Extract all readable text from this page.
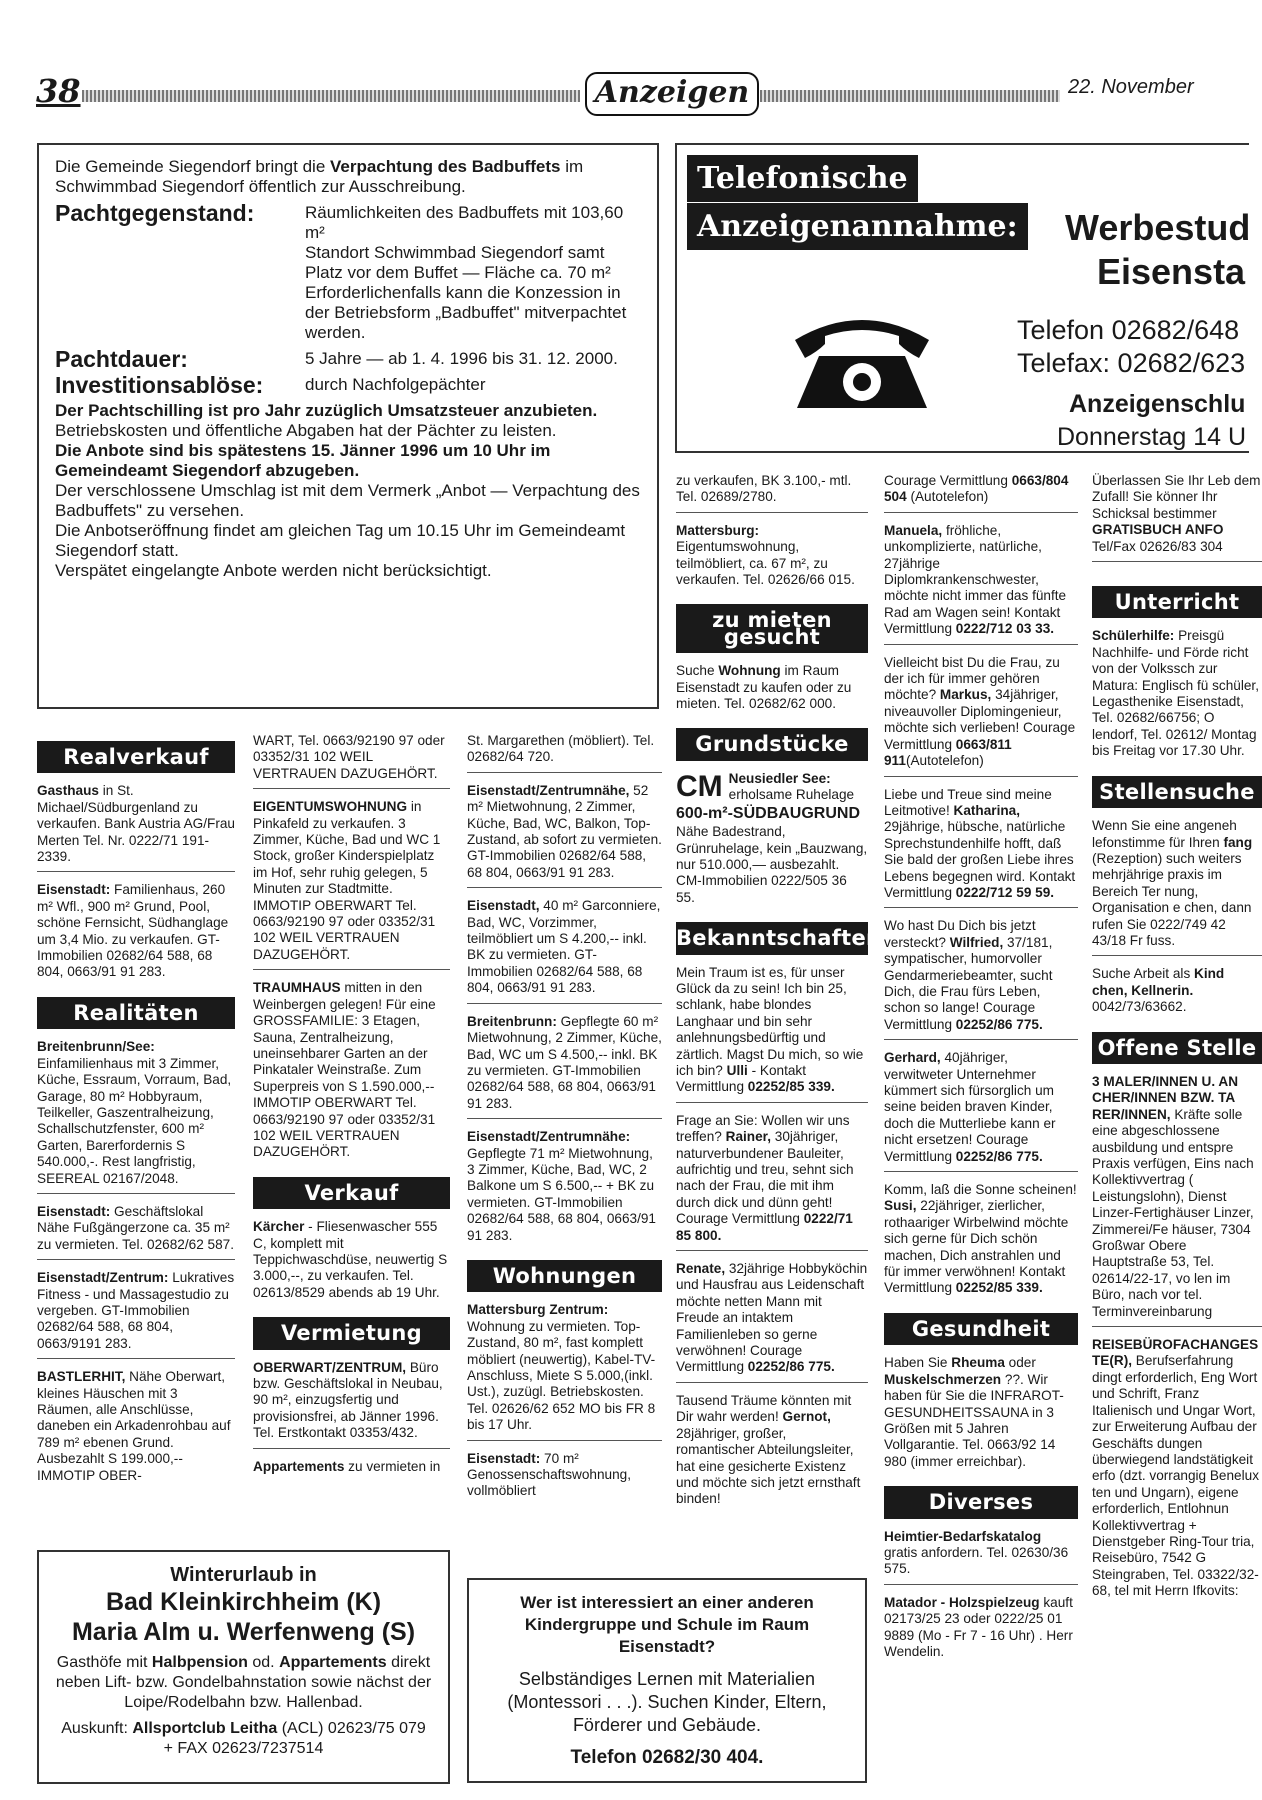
38	Anzeigen	22. November
Die Gemeinde Siegendorf bringt die Verpachtung des Badbuffets im Schwimmbad Siegendorf öffentlich zur Ausschreibung.
Pachtgegenstand:	Räumlichkeiten des Badbuffets mit 103,60 m²
Standort Schwimmbad Siegendorf samt Platz vor dem Buffet — Fläche ca. 70 m²
Erforderlichenfalls kann die Konzession in der Betriebsform „Badbuffet" mitverpachtet werden.
Pachtdauer:	5 Jahre — ab 1. 4. 1996 bis 31. 12. 2000.
Investitionsablöse: durch Nachfolgepächter
Der Pachtschilling ist pro Jahr zuzüglich Umsatzsteuer anzubieten. Betriebskosten und öffentliche Abgaben hat der Pächter zu leisten.
Die Anbote sind bis spätestens 15. Jänner 1996 um 10 Uhr im Gemeindeamt Siegendorf abzugeben.
Der verschlossene Umschlag ist mit dem Vermerk „Anbot — Verpachtung des Badbuffets" zu versehen.
Die Anbotseröffnung findet am gleichen Tag um 10.15 Uhr im Gemeindeamt Siegendorf statt.
Verspätet eingelangte Anbote werden nicht berücksichtigt.
Telefonische
Anzeigenannahme: Werbestud
Eisensta
Telefon 02682/648
Telefax: 02682/623
Anzeigenschlu
Donnerstag 14 U
Realverkauf

Gasthaus in St. Michael/Südburgenland zu verkaufen. Bank Austria AG/Frau Merten Tel. Nr. 0222/71 191-2339.

Eisenstadt: Familienhaus, 260 m² Wfl., 900 m² Grund, Pool, schöne Fernsicht, Südhanglage um 3,4 Mio. zu verkaufen. GT-Immobilien 02682/64 588, 68 804, 0663/91 91 283.

Realitäten

Breitenbrunn/See: Einfamilienhaus mit 3 Zimmer, Küche, Essraum, Vorraum, Bad, Garage, 80 m² Hobbyraum, Teilkeller, Gaszentralheizung, Schallschutzfenster, 600 m² Garten, Barerfordernis S 540.000,-. Rest langfristig, SEEREAL 02167/2048.

Eisenstadt: Geschäftslokal Nähe Fußgängerzone ca. 35 m² zu vermieten. Tel. 02682/62 587.

Eisenstadt/Zentrum: Lukratives Fitness - und Massagestudio zu vergeben. GT-Immobilien 02682/64 588, 68 804, 0663/9191 283.

BASTLERHIT, Nähe Oberwart, kleines Häuschen mit 3 Räumen, alle Anschlüsse, daneben ein Arkadenrohbau auf 789 m² ebenen Grund. Ausbezahlt S 199.000,-- IMMOTIP OBER-

WART, Tel. 0663/92190 97 oder 03352/31 102 WEIL VERTRAUEN DAZUGEHÖRT.

EIGENTUMSWOHNUNG in Pinkafeld zu verkaufen. 3 Zimmer, Küche, Bad und WC 1 Stock, großer Kinderspielplatz im Hof, sehr ruhig gelegen, 5 Minuten zur Stadtmitte. IMMOTIP OBERWART Tel. 0663/92190 97 oder 03352/31 102 WEIL VERTRAUEN DAZUGEHÖRT.

TRAUMHAUS mitten in den Weinbergen gelegen! Für eine GROSSFAMILIE: 3 Etagen, Sauna, Zentralheizung, uneinsehbarer Garten an der Pinkataler Weinstraße. Zum Superpreis von S 1.590.000,-- IMMOTIP OBERWART Tel. 0663/92190 97 oder 03352/31 102 WEIL VERTRAUEN DAZUGEHÖRT.

Verkauf

Kärcher - Fliesenwascher 555 C, komplett mit Teppichwaschdüse, neuwertig S 3.000,--, zu verkaufen. Tel. 02613/8529 abends ab 19 Uhr.

Vermietung

OBERWART/ZENTRUM, Büro bzw. Geschäftslokal in Neubau, 90 m², einzugsfertig und provisionsfrei, ab Jänner 1996. Tel. Erstkontakt 03353/432.

Appartements zu vermieten in

St. Margarethen (möbliert). Tel. 02682/64 720.

Eisenstadt/Zentrumnähe, 52 m² Mietwohnung, 2 Zimmer, Küche, Bad, WC, Balkon, Top-Zustand, ab sofort zu vermieten. GT-Immobilien 02682/64 588, 68 804, 0663/91 91 283.

Eisenstadt, 40 m² Garconniere, Bad, WC, Vorzimmer, teilmöbliert um S 4.200,-- inkl. BK zu vermieten. GT-Immobilien 02682/64 588, 68 804, 0663/91 91 283.

Breitenbrunn: Gepflegte 60 m² Mietwohnung, 2 Zimmer, Küche, Bad, WC um S 4.500,-- inkl. BK zu vermieten. GT-Immobilien 02682/64 588, 68 804, 0663/91 91 283.

Eisenstadt/Zentrumnähe: Gepflegte 71 m² Mietwohnung, 3 Zimmer, Küche, Bad, WC, 2 Balkone um S 6.500,-- + BK zu vermieten. GT-Immobilien 02682/64 588, 68 804, 0663/91 91 283.

Wohnungen

Mattersburg Zentrum: Wohnung zu vermieten. Top-Zustand, 80 m², fast komplett möbliert (neuwertig), Kabel-TV-Anschluss, Miete S 5.000,(inkl. Ust.), zuzügl. Betriebskosten. Tel. 02626/62 652 MO bis FR 8 bis 17 Uhr.

Eisenstadt: 70 m² Genossenschaftswohnung, vollmöbliert

zu verkaufen, BK 3.100,- mtl. Tel. 02689/2780.

Mattersburg: Eigentumswohnung, teilmöbliert, ca. 67 m², zu verkaufen. Tel. 02626/66 015.

zu mieten gesucht

Suche Wohnung im Raum Eisenstadt zu kaufen oder zu mieten. Tel. 02682/62 000.

Grundstücke
CM Neusiedler See: erholsame Ruhelage
600-m²-SÜDBAUGRUND

Nähe Badestrand, Grünruhelage, kein „Bauzwang, nur 510.000,— ausbezahlt. CM-Immobilien 0222/505 36 55.

Bekanntschaften

Mein Traum ist es, für unser Glück da zu sein! Ich bin 25, schlank, habe blondes Langhaar und bin sehr anlehnungsbedürftig und zärtlich. Magst Du mich, so wie ich bin? Ulli - Kontakt Vermittlung 02252/85 339.

Frage an Sie: Wollen wir uns treffen? Rainer, 30jähriger, naturverbundener Bauleiter, aufrichtig und treu, sehnt sich nach der Frau, die mit ihm durch dick und dünn geht! Courage Vermittlung 0222/71 85 800.

Renate, 32jährige Hobbyköchin und Hausfrau aus Leidenschaft möchte netten Mann mit Freude an intaktem Familienleben so gerne verwöhnen! Courage Vermittlung 02252/86 775.

Tausend Träume könnten mit Dir wahr werden! Gernot, 28jähriger, großer, romantischer Abteilungsleiter, hat eine gesicherte Existenz und möchte sich jetzt ernsthaft binden!

Courage Vermittlung 0663/804 504 (Autotelefon)

Manuela, fröhliche, unkomplizierte, natürliche, 27jährige Diplomkrankenschwester, möchte nicht immer das fünfte Rad am Wagen sein! Kontakt Vermittlung 0222/712 03 33.

Vielleicht bist Du die Frau, zu der ich für immer gehören möchte? Markus, 34jähriger, niveauvoller Diplomingenieur, möchte sich verlieben! Courage Vermittlung 0663/811 911(Autotelefon)

Liebe und Treue sind meine Leitmotive! Katharina, 29jährige, hübsche, natürliche Sprechstundenhilfe hofft, daß Sie bald der großen Liebe ihres Lebens begegnen wird. Kontakt Vermittlung 0222/712 59 59.

Wo hast Du Dich bis jetzt versteckt? Wilfried, 37/181, sympatischer, humorvoller Gendarmeriebeamter, sucht Dich, die Frau fürs Leben, schon so lange! Courage Vermittlung 02252/86 775.

Gerhard, 40jähriger, verwitweter Unternehmer kümmert sich fürsorglich um seine beiden braven Kinder, doch die Mutterliebe kann er nicht ersetzen! Courage Vermittlung 02252/86 775.

Komm, laß die Sonne scheinen! Susi, 22jähriger, zierlicher, rothaariger Wirbelwind möchte sich gerne für Dich schön machen, Dich anstrahlen und für immer verwöhnen! Kontakt Vermittlung 02252/85 339.

Gesundheit

Haben Sie Rheuma oder Muskelschmerzen ??. Wir haben für Sie die INFRAROT-GESUNDHEITSSAUNA in 3 Größen mit 5 Jahren Vollgarantie. Tel. 0663/92 14 980 (immer erreichbar).

Diverses

Heimtier-Bedarfskatalog gratis anfordern. Tel. 02630/36 575.

Matador - Holzspielzeug kauft 02173/25 23 oder 0222/25 01 9889 (Mo - Fr 7 - 16 Uhr) . Herr Wendelin.

Überlassen Sie Ihr Leb dem Zufall! Sie könner Ihr Schicksal bestimmer GRATISBUCH ANFO Tel/Fax 02626/83 304

Unterricht

Schülerhilfe: Preisgü Nachhilfe- und Förde richt von der Volkssch zur Matura: Englisch fü schüler, Legasthenike Eisenstadt, Tel. 02682/66756; O lendorf, Tel. 02612/ Montag bis Freitag vor 17.30 Uhr.

Stellensuche

Wenn Sie eine angeneh lefonstimme für Ihren fang (Rezeption) such weiters mehrjährige praxis im Bereich Ter nung, Organisation e chen, dann rufen Sie 0222/749 42 43/18 Fr fuss.

Suche Arbeit als Kind chen, Kellnerin. 0042/73/63662.

Offene Stelle

3 MALER/INNEN U. AN CHER/INNEN BZW. TA RER/INNEN, Kräfte solle eine abgeschlossene ausbildung und entspre Praxis verfügen, Eins nach Kollektivvertrag ( Leistungslohn), Dienst Linzer-Fertighäuser Linzer, Zimmerei/Fe häuser, 7304 Großwar Obere Hauptstraße 53, Tel. 02614/22-17, vo len im Büro, nach vor tel. Terminvereinbarung

REISEBÜROFACHANGES TE(R), Berufserfahrung dingt erforderlich, Eng Wort und Schrift, Franz Italienisch und Ungar Wort, zur Erweiterung Aufbau der Geschäfts dungen überwiegend landstätigkeit erfo (dzt. vorrangig Benelux ten und Ungarn), eigene erforderlich, Entlohnun Kollektivvertrag + Dienstgeber Ring-Tour tria, Reisebüro, 7542 G Steingraben, Tel. 03322/32-68, tel mit Herrn Ifkovits:

Winterurlaub in
Bad Kleinkirchheim (K)
Maria Alm u. Werfenweng (S)
Gasthöfe mit Halbpension od. Appartements direkt neben Lift- bzw. Gondelbahnstation sowie nächst der Loipe/Rodelbahn bzw. Hallenbad.
Auskunft: Allsportclub Leitha (ACL) 02623/75 079
+ FAX 02623/7237514
Wer ist interessiert an einer anderen
Kindergruppe und Schule im Raum Eisenstadt?
Selbständiges Lernen mit Materialien (Montessori . . .). Suchen Kinder, Eltern, Förderer und Gebäude.
Telefon 02682/30 404.
